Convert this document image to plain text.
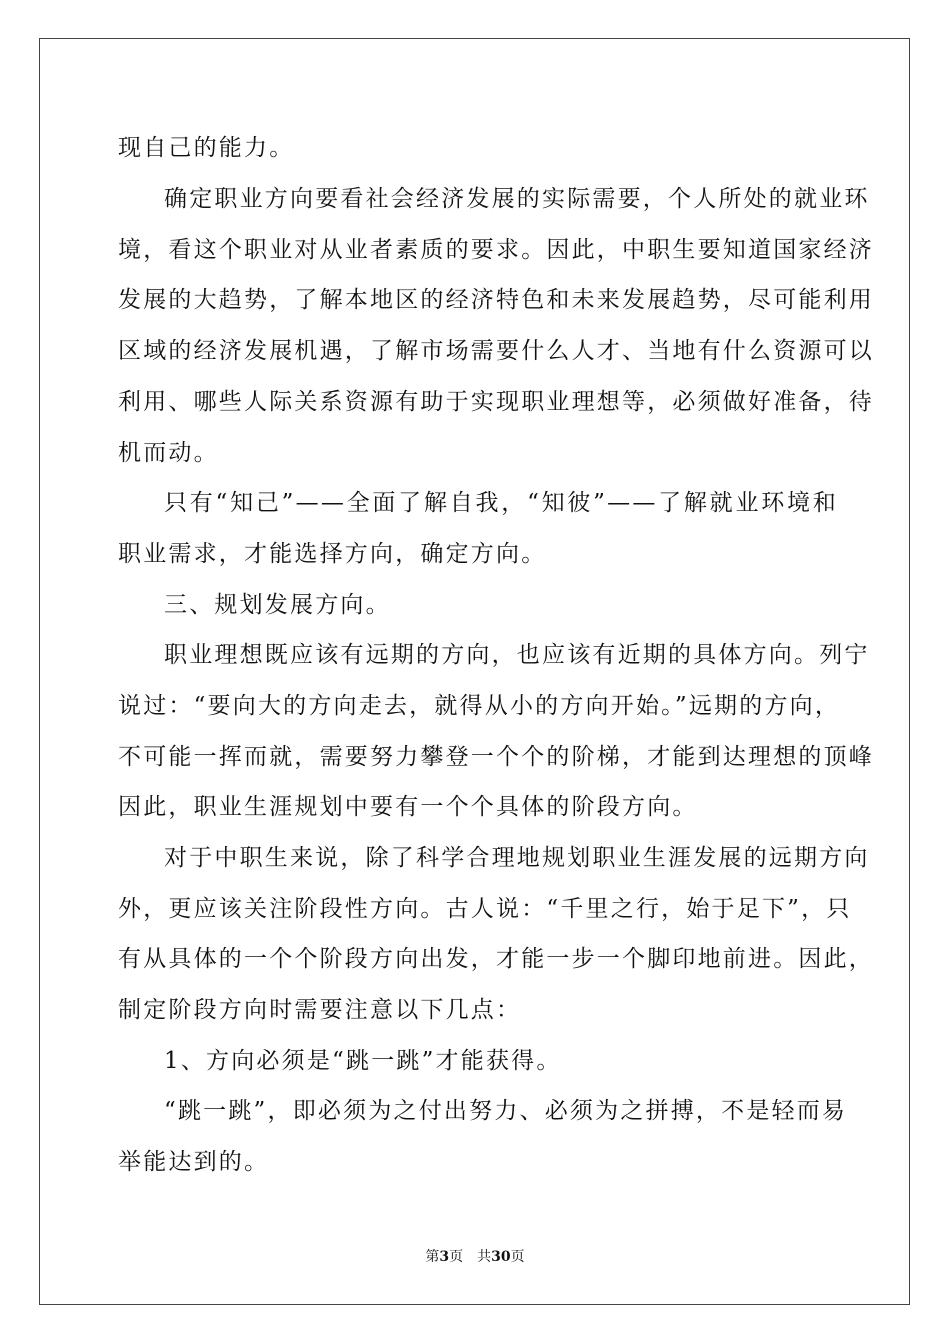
现自己的能力。
确定职业方向要看社会经济发展的实际需要，个人所处的就业环
境，看这个职业对从业者素质的要求。因此，中职生要知道国家经济
发展的大趋势，了解本地区的经济特色和未来发展趋势，尽可能利用
区域的经济发展机遇，了解市场需要什么人才、当地有什么资源可以
利用、哪些人际关系资源有助于实现职业理想等，必须做好准备，待
机而动。
只有“知己”——全面了解自我，“知彼”——了解就业环境和
职业需求，才能选择方向，确定方向。
三、规划发展方向。
职业理想既应该有远期的方向，也应该有近期的具体方向。列宁
说过：“要向大的方向走去，就得从小的方向开始。”远期的方向，
不可能一挥而就，需要努力攀登一个个的阶梯，才能到达理想的顶峰
因此，职业生涯规划中要有一个个具体的阶段方向。
对于中职生来说，除了科学合理地规划职业生涯发展的远期方向
外，更应该关注阶段性方向。古人说：“千里之行，始于足下”，只
有从具体的一个个阶段方向出发，才能一步一个脚印地前进。因此，
制定阶段方向时需要注意以下几点：
1、方向必须是“跳一跳”才能获得。
“跳一跳”，即必须为之付出努力、必须为之拼搏，不是轻而易
举能达到的。
第3页 共30页
